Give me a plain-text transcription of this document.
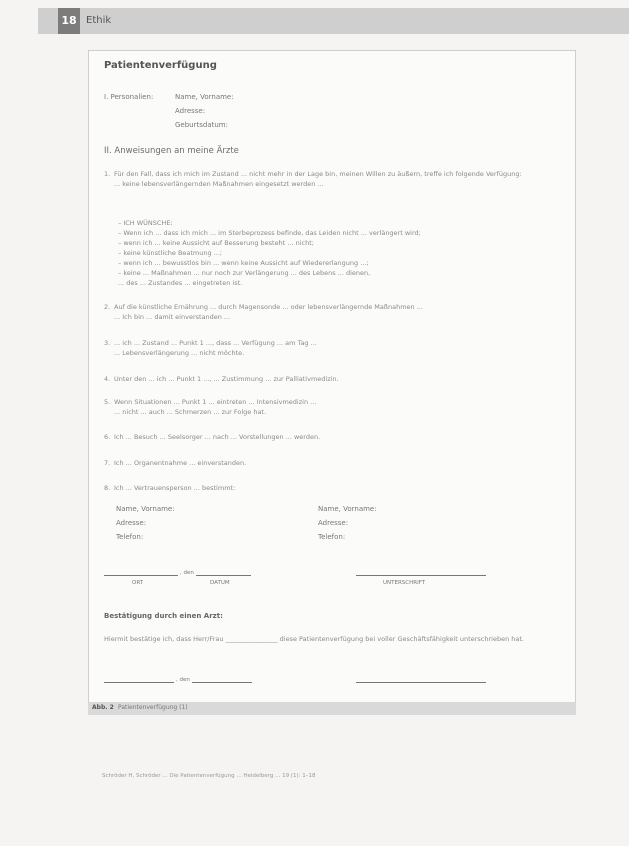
18 Ethik
Patientenverfügung
I. Personalien:	Name, Vorname:
Adresse:
Geburtsdatum:
II. Anweisungen an meine Ärzte
1. Für den Fall, dass ich mich im Zustand ... nicht mehr in der Lage bin, meinen Willen zu äußern, treffe ich folgende Verfügung:
... keine lebensverlängernden Maßnahmen eingesetzt werden ...
– ICH WÜNSCHE:
– Wenn ich ... dass ich mich ... im Sterbeprozess befinde, das Leiden nicht ... verlängert wird;
– wenn ich ... keine Aussicht auf Besserung besteht ... nicht;
– keine künstliche Beatmung ...;
– wenn ich ... bewusstlos bin ... wenn keine Aussicht auf Wiedererlangung ...;
– keine ... Maßnahmen ... nur noch zur Verlängerung ... des Lebens ... dienen,
... des ... Zustandes ... eingetreten ist.
2. Auf die künstliche Ernährung ... durch Magensonde ... oder lebensverlängernde Maßnahmen ...
... Ich bin ... damit einverstanden ...
3. ... ich ... Zustand ... Punkt 1 ..., dass ... Verfügung ... am Tag ...
... Lebensverlängerung ... nicht möchte.
4. Unter den ... ich ... Punkt 1 ..., ... Zustimmung ... zur Palliativmedizin.
5. Wenn Situationen ... Punkt 1 ... eintreten ... Intensivmedizin ...
... nicht ... auch ... Schmerzen ... zur Folge hat.
6. Ich ... Besuch ... Seelsorger ... nach ... Vorstellungen ... werden.
7. Ich ... Organentnahme ... einverstanden.
8. Ich ... Vertrauensperson ... bestimmt:
Name, Vorname:
Adresse:
Telefon:
Name, Vorname:
Adresse:
Telefon:
, den
ORT	DATUM	UNTERSCHRIFT
Bestätigung durch einen Arzt:
Hiermit bestätige ich, dass Herr/Frau ________________ diese Patientenverfügung bei voller Geschäftsfähigkeit unterschrieben hat.
, den
Abb. 2 Patientenverfügung (1)
Schröder H, Schröder ... Die Patientenverfügung ... Heidelberg ... 19 (1): 1–18
